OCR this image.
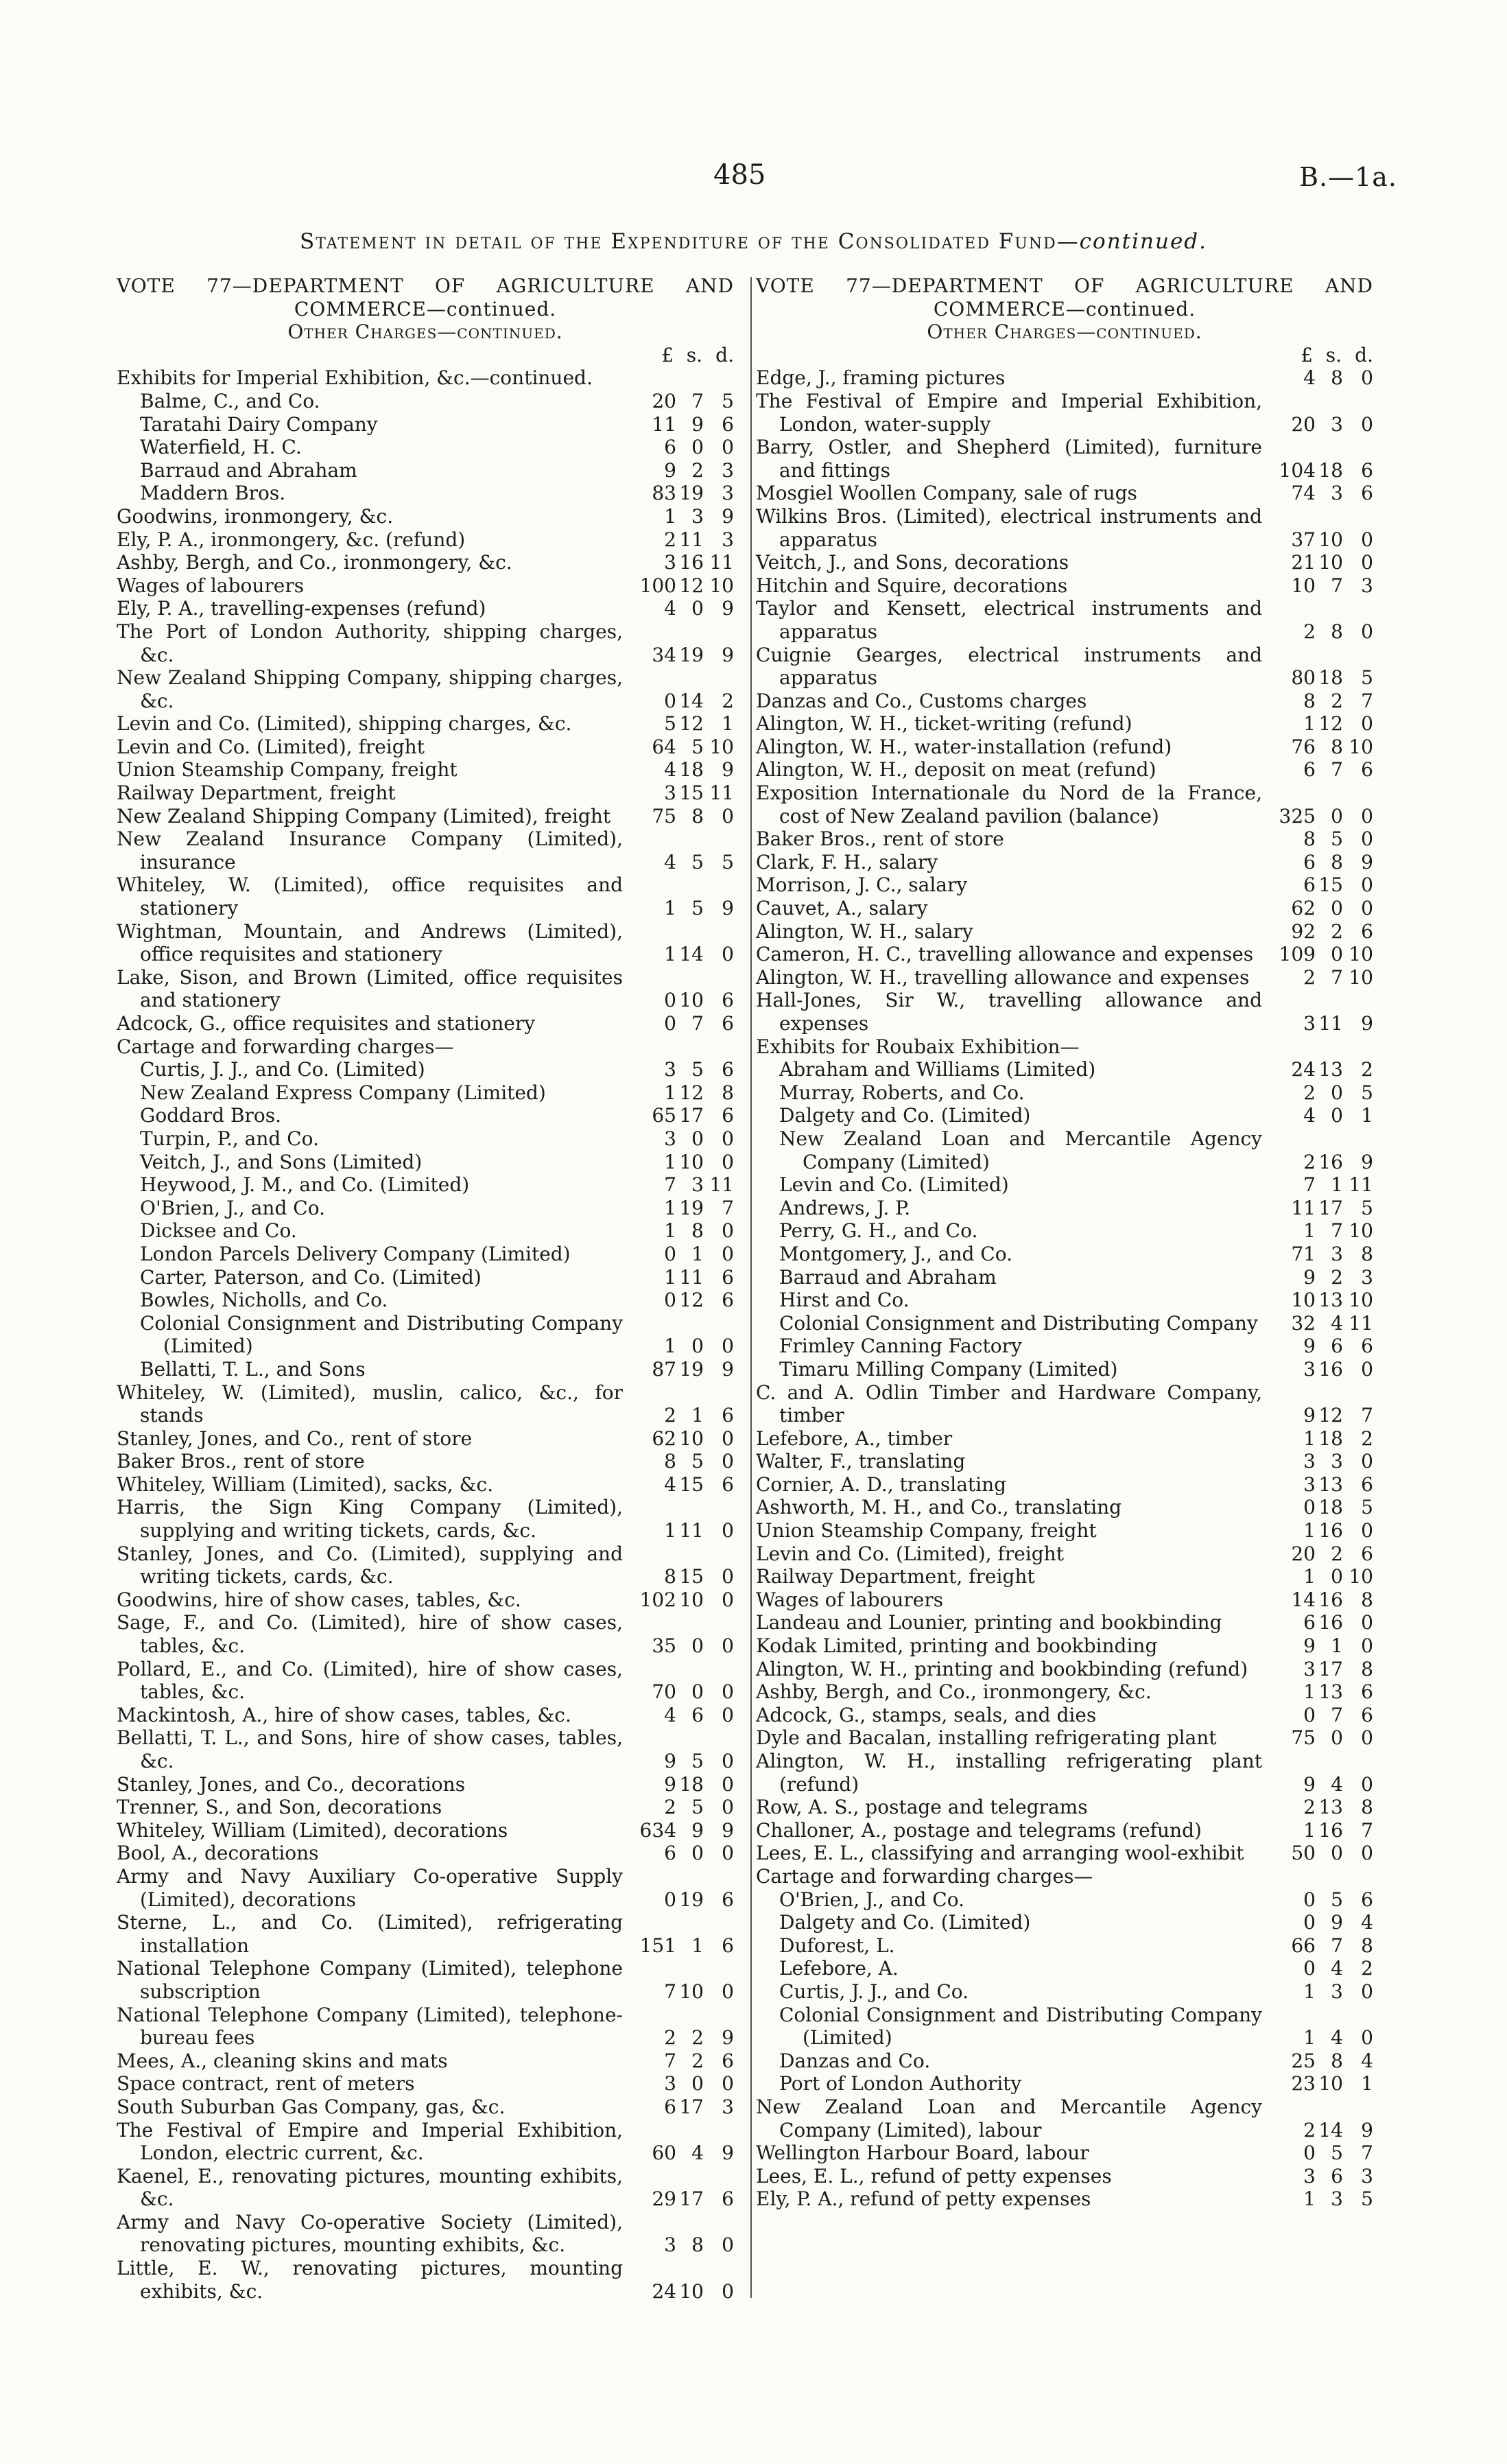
485	B.—1a.
Statement in detail of the Expenditure of the Consolidated Fund—continued.
VOTE 77—DEPARTMENT OF AGRICULTURE AND
COMMERCE—continued.
Other Charges—continued.
£ s. d.
Exhibits for Imperial Exhibition, &c.—continued.
Balme, C., and Co.	20 7 5
Taratahi Dairy Company	11 9 6
Waterfield, H. C.	6 0 0
Barraud and Abraham	9 2 3
Maddern Bros.	83 19 3
Goodwins, ironmongery, &c.	1 3 9
Ely, P. A., ironmongery, &c. (refund)	2 11 3
Ashby, Bergh, and Co., ironmongery, &c.	3 16 11
Wages of labourers	100 12 10
Ely, P. A., travelling-expenses (refund)	4 0 9
The Port of London Authority, shipping charges, &c.	34 19 9
New Zealand Shipping Company, shipping charges, &c.	0 14 2
Levin and Co. (Limited), shipping charges, &c.	5 12 1
Levin and Co. (Limited), freight	64 5 10
Union Steamship Company, freight	4 18 9
Railway Department, freight	3 15 11
New Zealand Shipping Company (Limited), freight	75 8 0
New Zealand Insurance Company (Limited), insurance	4 5 5
Whiteley, W. (Limited), office requisites and stationery	1 5 9
Wightman, Mountain, and Andrews (Limited), office requisites and stationery	1 14 0
Lake, Sison, and Brown (Limited, office requisites and stationery	0 10 6
Adcock, G., office requisites and stationery	0 7 6
Cartage and forwarding charges—
Curtis, J. J., and Co. (Limited)	3 5 6
New Zealand Express Company (Limited)	1 12 8
Goddard Bros.	65 17 6
Turpin, P., and Co.	3 0 0
Veitch, J., and Sons (Limited)	1 10 0
Heywood, J. M., and Co. (Limited)	7 3 11
O'Brien, J., and Co.	1 19 7
Dicksee and Co.	1 8 0
London Parcels Delivery Company (Limited)	0 1 0
Carter, Paterson, and Co. (Limited)	1 11 6
Bowles, Nicholls, and Co.	0 12 6
Colonial Consignment and Distributing Company (Limited)	1 0 0
Bellatti, T. L., and Sons	87 19 9
Whiteley, W. (Limited), muslin, calico, &c., for stands	2 1 6
Stanley, Jones, and Co., rent of store	62 10 0
Baker Bros., rent of store	8 5 0
Whiteley, William (Limited), sacks, &c.	4 15 6
Harris, the Sign King Company (Limited), supplying and writing tickets, cards, &c.	1 11 0
Stanley, Jones, and Co. (Limited), supplying and writing tickets, cards, &c.	8 15 0
Goodwins, hire of show cases, tables, &c.	102 10 0
Sage, F., and Co. (Limited), hire of show cases, tables, &c.	35 0 0
Pollard, E., and Co. (Limited), hire of show cases, tables, &c.	70 0 0
Mackintosh, A., hire of show cases, tables, &c.	4 6 0
Bellatti, T. L., and Sons, hire of show cases, tables, &c.	9 5 0
Stanley, Jones, and Co., decorations	9 18 0
Trenner, S., and Son, decorations	2 5 0
Whiteley, William (Limited), decorations	634 9 9
Bool, A., decorations	6 0 0
Army and Navy Auxiliary Co-operative Supply (Limited), decorations	0 19 6
Sterne, L., and Co. (Limited), refrigerating installation	151 1 6
National Telephone Company (Limited), telephone subscription	7 10 0
National Telephone Company (Limited), telephone-bureau fees	2 2 9
Mees, A., cleaning skins and mats	7 2 6
Space contract, rent of meters	3 0 0
South Suburban Gas Company, gas, &c.	6 17 3
The Festival of Empire and Imperial Exhibition, London, electric current, &c.	60 4 9
Kaenel, E., renovating pictures, mounting exhibits, &c.	29 17 6
Army and Navy Co-operative Society (Limited), renovating pictures, mounting exhibits, &c.	3 8 0
Little, E. W., renovating pictures, mounting exhibits, &c.	24 10 0
VOTE 77—DEPARTMENT OF AGRICULTURE AND
COMMERCE—continued.
Other Charges—continued.
£ s. d.
Edge, J., framing pictures	4 8 0
The Festival of Empire and Imperial Exhibition, London, water-supply	20 3 0
Barry, Ostler, and Shepherd (Limited), furniture and fittings	104 18 6
Mosgiel Woollen Company, sale of rugs	74 3 6
Wilkins Bros. (Limited), electrical instruments and apparatus	37 10 0
Veitch, J., and Sons, decorations	21 10 0
Hitchin and Squire, decorations	10 7 3
Taylor and Kensett, electrical instruments and apparatus	2 8 0
Cuignie Gearges, electrical instruments and apparatus	80 18 5
Danzas and Co., Customs charges	8 2 7
Alington, W. H., ticket-writing (refund)	1 12 0
Alington, W. H., water-installation (refund)	76 8 10
Alington, W. H., deposit on meat (refund)	6 7 6
Exposition Internationale du Nord de la France, cost of New Zealand pavilion (balance)	325 0 0
Baker Bros., rent of store	8 5 0
Clark, F. H., salary	6 8 9
Morrison, J. C., salary	6 15 0
Cauvet, A., salary	62 0 0
Alington, W. H., salary	92 2 6
Cameron, H. C., travelling allowance and expenses	109 0 10
Alington, W. H., travelling allowance and expenses	2 7 10
Hall-Jones, Sir W., travelling allowance and expenses	3 11 9
Exhibits for Roubaix Exhibition—
Abraham and Williams (Limited)	24 13 2
Murray, Roberts, and Co.	2 0 5
Dalgety and Co. (Limited)	4 0 1
New Zealand Loan and Mercantile Agency Company (Limited)	2 16 9
Levin and Co. (Limited)	7 1 11
Andrews, J. P.	11 17 5
Perry, G. H., and Co.	1 7 10
Montgomery, J., and Co.	71 3 8
Barraud and Abraham	9 2 3
Hirst and Co.	10 13 10
Colonial Consignment and Distributing Company	32 4 11
Frimley Canning Factory	9 6 6
Timaru Milling Company (Limited)	3 16 0
C. and A. Odlin Timber and Hardware Company, timber	9 12 7
Lefebore, A., timber	1 18 2
Walter, F., translating	3 3 0
Cornier, A. D., translating	3 13 6
Ashworth, M. H., and Co., translating	0 18 5
Union Steamship Company, freight	1 16 0
Levin and Co. (Limited), freight	20 2 6
Railway Department, freight	1 0 10
Wages of labourers	14 16 8
Landeau and Lounier, printing and bookbinding	6 16 0
Kodak Limited, printing and bookbinding	9 1 0
Alington, W. H., printing and bookbinding (refund)	3 17 8
Ashby, Bergh, and Co., ironmongery, &c.	1 13 6
Adcock, G., stamps, seals, and dies	0 7 6
Dyle and Bacalan, installing refrigerating plant	75 0 0
Alington, W. H., installing refrigerating plant (refund)	9 4 0
Row, A. S., postage and telegrams	2 13 8
Challoner, A., postage and telegrams (refund)	1 16 7
Lees, E. L., classifying and arranging wool-exhibit	50 0 0
Cartage and forwarding charges—
O'Brien, J., and Co.	0 5 6
Dalgety and Co. (Limited)	0 9 4
Duforest, L.	66 7 8
Lefebore, A.	0 4 2
Curtis, J. J., and Co.	1 3 0
Colonial Consignment and Distributing Company (Limited)	1 4 0
Danzas and Co.	25 8 4
Port of London Authority	23 10 1
New Zealand Loan and Mercantile Agency Company (Limited), labour	2 14 9
Wellington Harbour Board, labour	0 5 7
Lees, E. L., refund of petty expenses	3 6 3
Ely, P. A., refund of petty expenses	1 3 5
